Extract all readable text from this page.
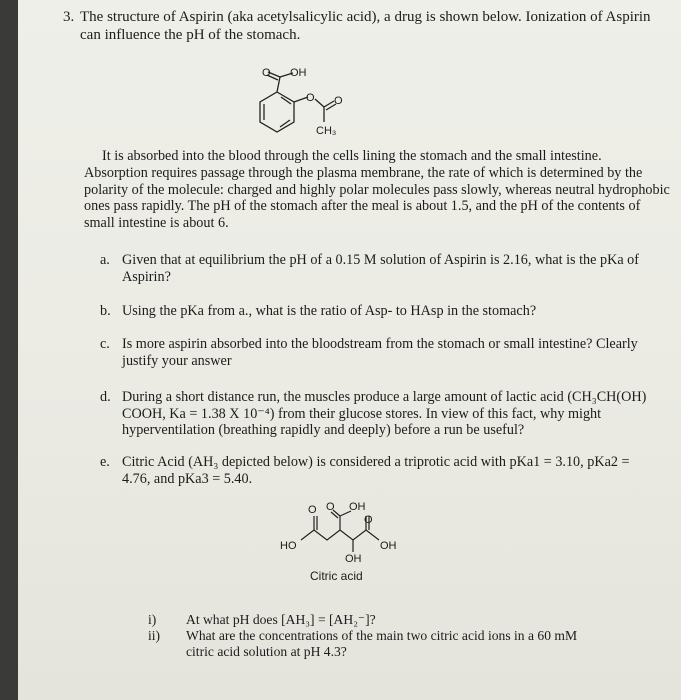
3. The structure of Aspirin (aka acetylsalicylic acid), a drug is shown below. Ionization of Aspirin can influence the pH of the stomach.
O OH
O O
CH₃
It is absorbed into the blood through the cells lining the stomach and the small intestine.
Absorption requires passage through the plasma membrane, the rate of which is determined by the polarity of the molecule: charged and highly polar molecules pass slowly, whereas neutral hydrophobic ones pass rapidly. The pH of the stomach after the meal is about 1.5, and the pH of the contents of small intestine is about 6.
a. Given that at equilibrium the pH of a 0.15 M solution of Aspirin is 2.16, what is the pKa of Aspirin?
b. Using the pKa from a., what is the ratio of Asp- to HAsp in the stomach?
c. Is more aspirin absorbed into the bloodstream from the stomach or small intestine? Clearly justify your answer
d. During a short distance run, the muscles produce a large amount of lactic acid (CH₃CH(OH) COOH, Ka = 1.38 X 10⁻⁴) from their glucose stores. In view of this fact, why might hyperventilation (breathing rapidly and deeply) before a run be useful?
e. Citric Acid (AH₃ depicted below) is considered a triprotic acid with pKa1 = 3.10, pKa2 = 4.76, and pKa3 = 5.40.
O O OH
O
HO	OH
OH
Citric acid
i) At what pH does [AH₃] = [AH₂⁻]?
ii) What are the concentrations of the main two citric acid ions in a 60 mM citric acid solution at pH 4.3?
